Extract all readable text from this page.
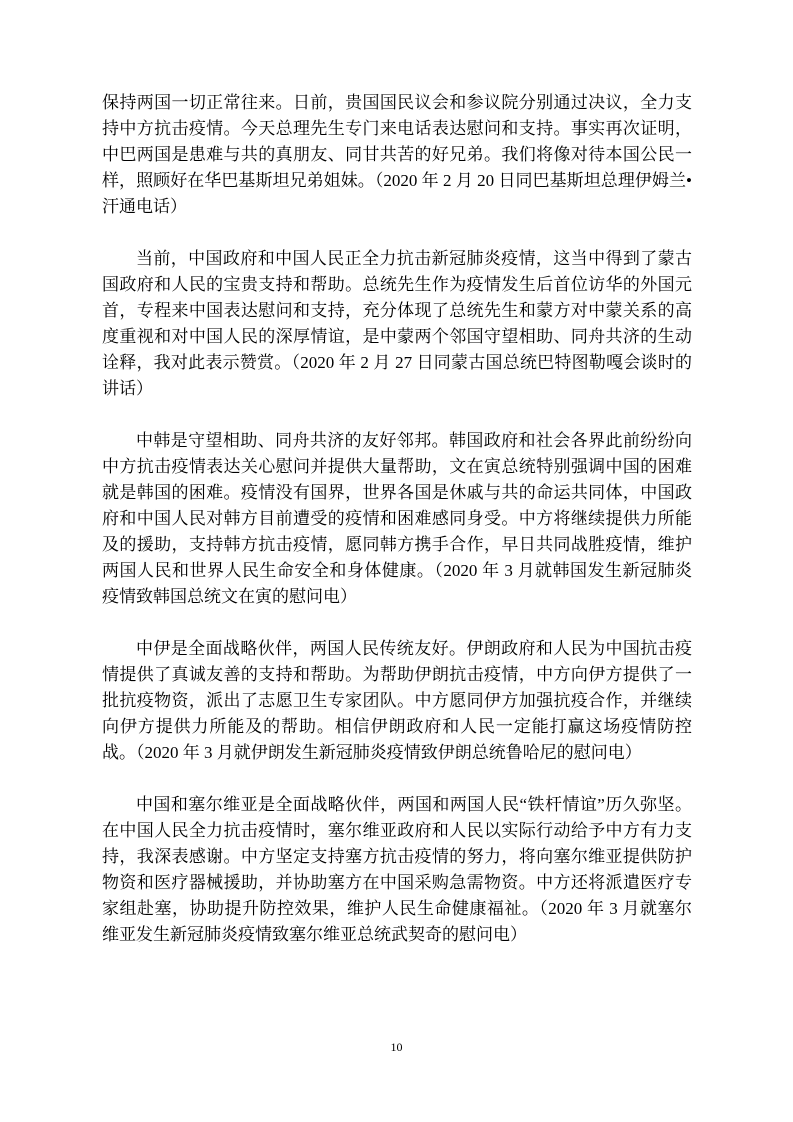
保持两国一切正常往来。日前，贵国国民议会和参议院分别通过决议，全力支持中方抗击疫情。今天总理先生专门来电话表达慰问和支持。事实再次证明，中巴两国是患难与共的真朋友、同甘共苦的好兄弟。我们将像对待本国公民一样，照顾好在华巴基斯坦兄弟姐妹。（2020 年 2 月 20 日同巴基斯坦总理伊姆兰•汗通电话）

当前，中国政府和中国人民正全力抗击新冠肺炎疫情，这当中得到了蒙古国政府和人民的宝贵支持和帮助。总统先生作为疫情发生后首位访华的外国元首，专程来中国表达慰问和支持，充分体现了总统先生和蒙方对中蒙关系的高度重视和对中国人民的深厚情谊，是中蒙两个邻国守望相助、同舟共济的生动诠释，我对此表示赞赏。（2020 年 2 月 27 日同蒙古国总统巴特图勒嘎会谈时的讲话）

中韩是守望相助、同舟共济的友好邻邦。韩国政府和社会各界此前纷纷向中方抗击疫情表达关心慰问并提供大量帮助，文在寅总统特别强调中国的困难就是韩国的困难。疫情没有国界，世界各国是休戚与共的命运共同体，中国政府和中国人民对韩方目前遭受的疫情和困难感同身受。中方将继续提供力所能及的援助，支持韩方抗击疫情，愿同韩方携手合作，早日共同战胜疫情，维护两国人民和世界人民生命安全和身体健康。（2020 年 3 月就韩国发生新冠肺炎疫情致韩国总统文在寅的慰问电）

中伊是全面战略伙伴，两国人民传统友好。伊朗政府和人民为中国抗击疫情提供了真诚友善的支持和帮助。为帮助伊朗抗击疫情，中方向伊方提供了一批抗疫物资，派出了志愿卫生专家团队。中方愿同伊方加强抗疫合作，并继续向伊方提供力所能及的帮助。相信伊朗政府和人民一定能打赢这场疫情防控战。（2020 年 3 月就伊朗发生新冠肺炎疫情致伊朗总统鲁哈尼的慰问电）

中国和塞尔维亚是全面战略伙伴，两国和两国人民“铁杆情谊”历久弥坚。在中国人民全力抗击疫情时，塞尔维亚政府和人民以实际行动给予中方有力支持，我深表感谢。中方坚定支持塞方抗击疫情的努力，将向塞尔维亚提供防护物资和医疗器械援助，并协助塞方在中国采购急需物资。中方还将派遣医疗专家组赴塞，协助提升防控效果，维护人民生命健康福祉。（2020 年 3 月就塞尔维亚发生新冠肺炎疫情致塞尔维亚总统武契奇的慰问电）

10
